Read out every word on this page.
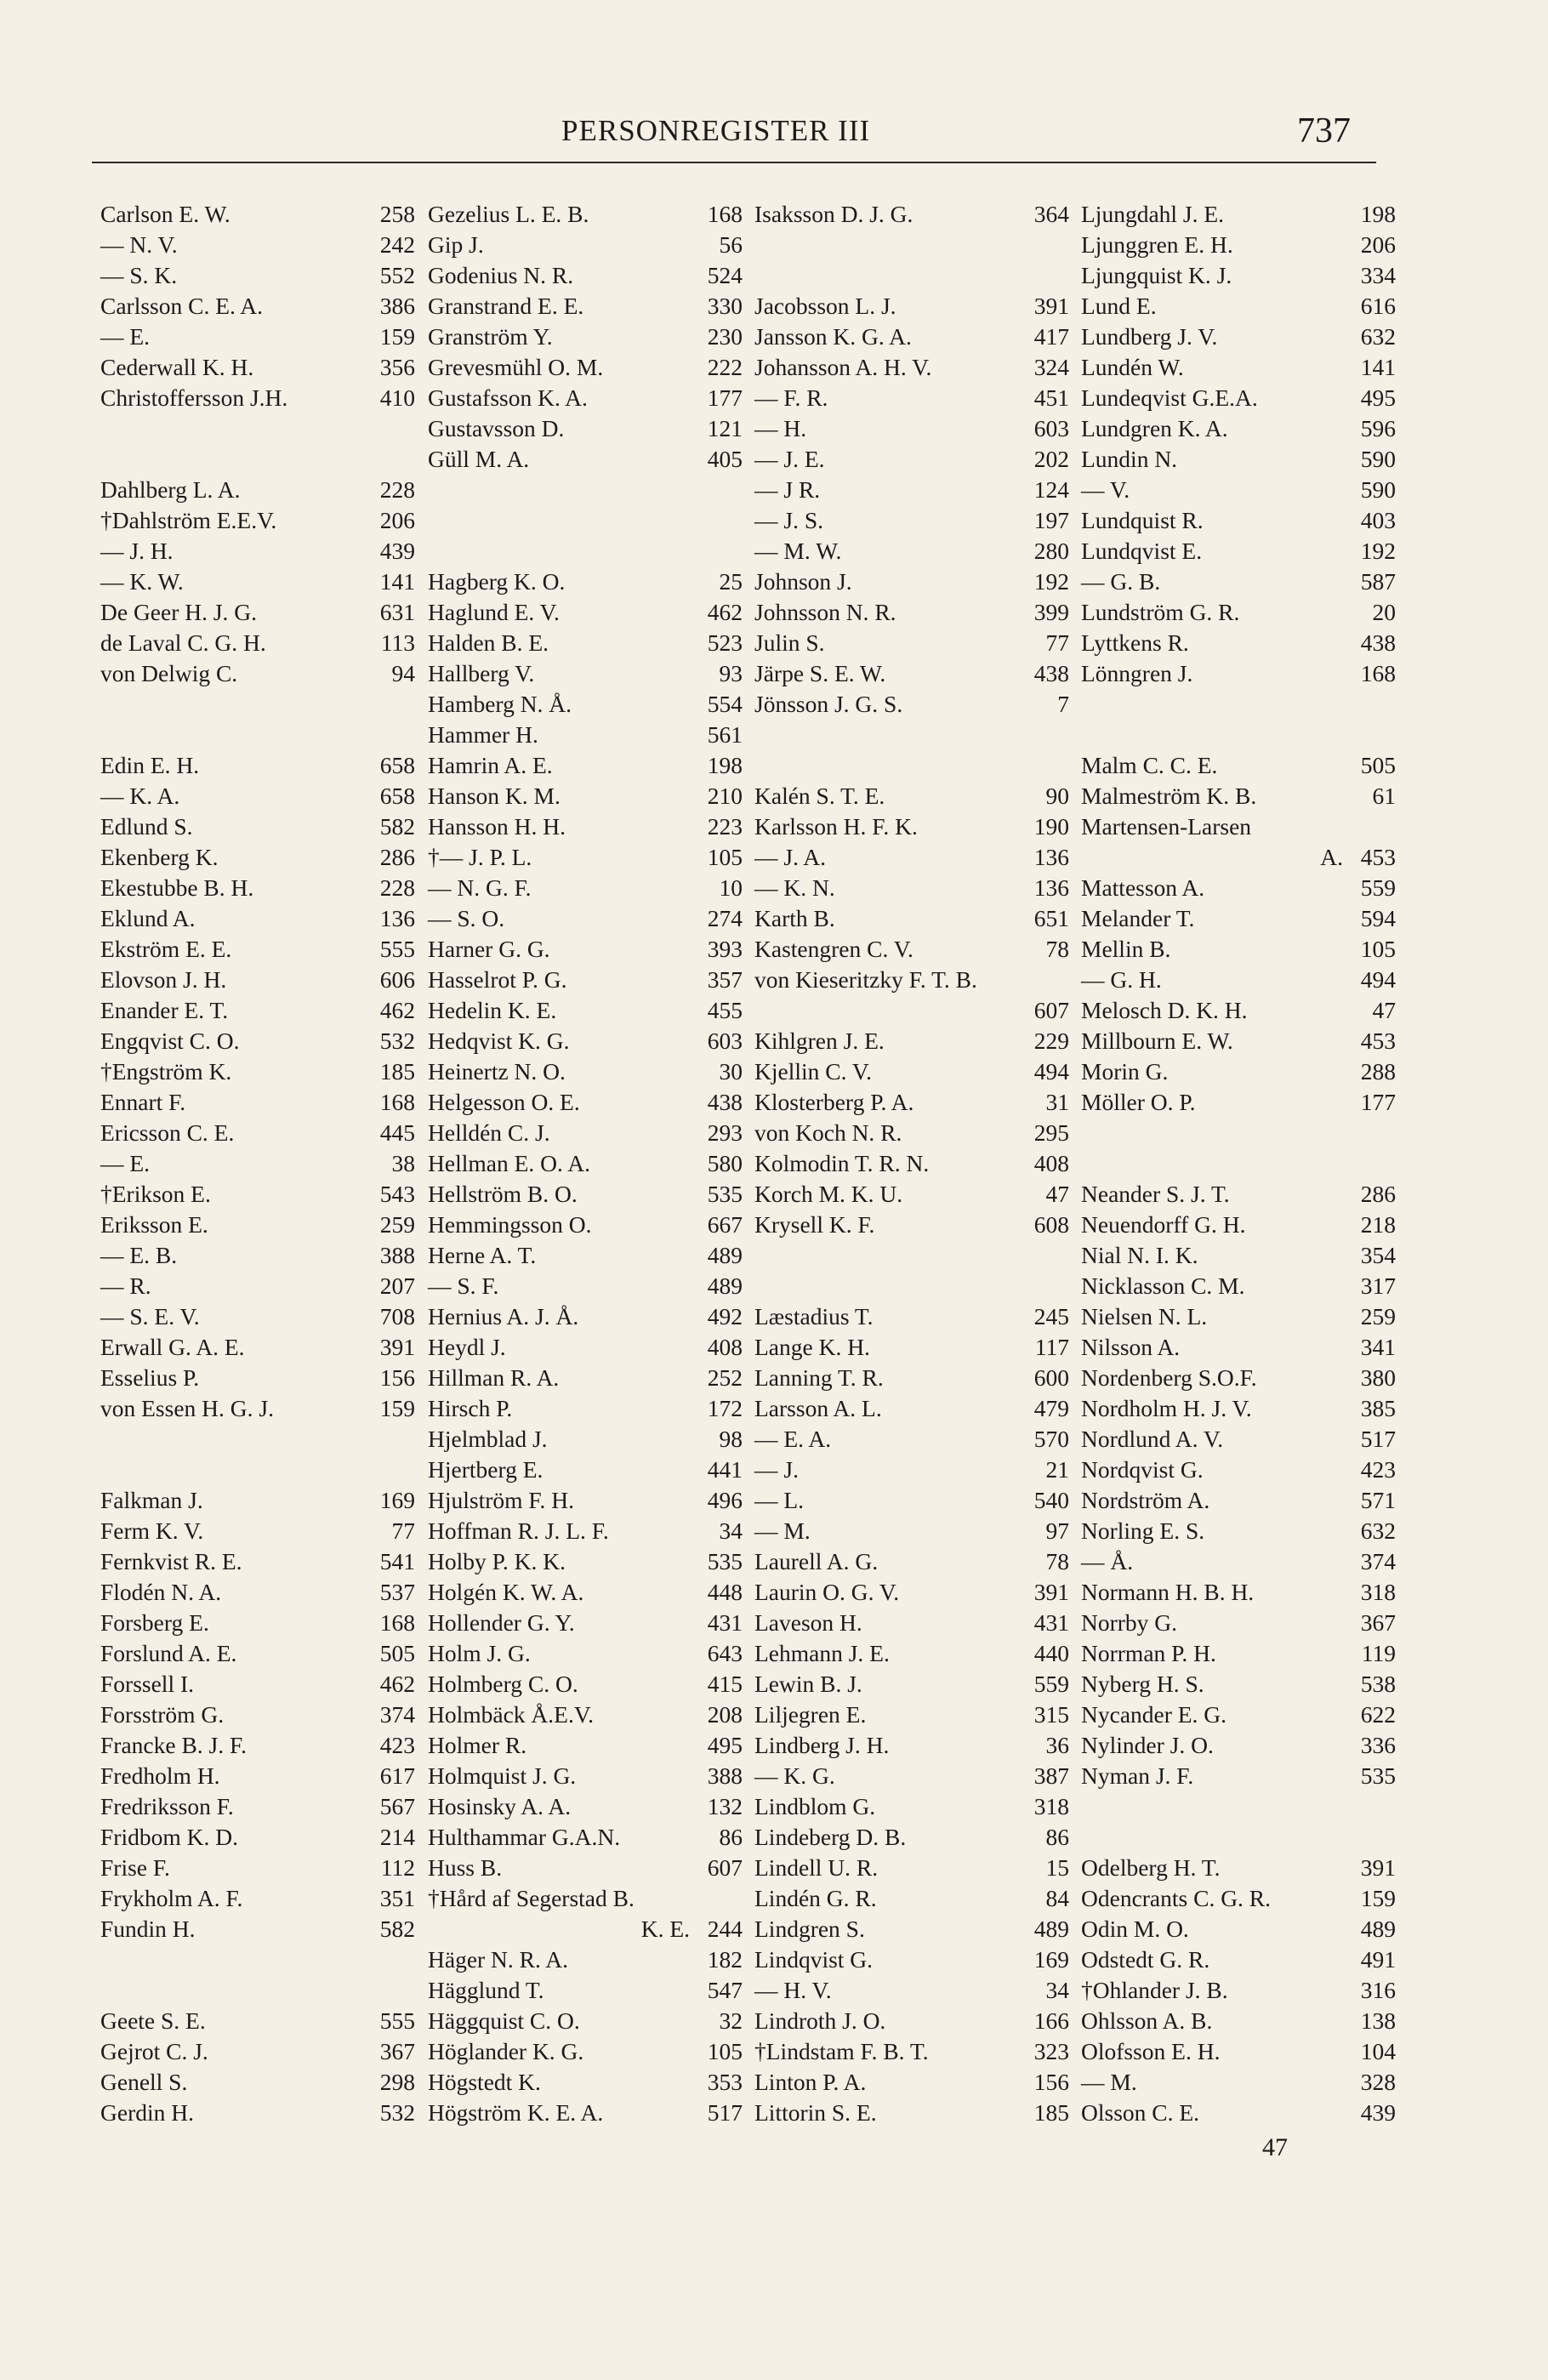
PERSONREGISTER III	737
Carlson E. W.	258
— N. V.	242
— S. K.	552
Carlsson C. E. A.	386
— E.	159
Cederwall K. H.	356
Christoffersson J.H.	410
Dahlberg L. A.	228
†Dahlström E.E.V.	206
— J. H.	439
— K. W.	141
De Geer H. J. G.	631
de Laval C. G. H.	113
von Delwig C.	94
Edin E. H.	658
— K. A.	658
Edlund S.	582
Ekenberg K.	286
Ekestubbe B. H.	228
Eklund A.	136
Ekström E. E.	555
Elovson J. H.	606
Enander E. T.	462
Engqvist C. O.	532
†Engström K.	185
Ennart F.	168
Ericsson C. E.	445
— E.	38
†Erikson E.	543
Eriksson E.	259
— E. B.	388
— R.	207
— S. E. V.	708
Erwall G. A. E.	391
Esselius P.	156
von Essen H. G. J.	159
Falkman J.	169
Ferm K. V.	77
Fernkvist R. E.	541
Flodén N. A.	537
Forsberg E.	168
Forslund A. E.	505
Forssell I.	462
Forsström G.	374
Francke B. J. F.	423
Fredholm H.	617
Fredriksson F.	567
Fridbom K. D.	214
Frise F.	112
Frykholm A. F.	351
Fundin H.	582
Geete S. E.	555
Gejrot C. J.	367
Genell S.	298
Gerdin H.	532
Gezelius L. E. B.	168
Gip J.	56
Godenius N. R.	524
Granstrand E. E.	330
Granström Y.	230
Grevesmühl O. M.	222
Gustafsson K. A.	177
Gustavsson D.	121
Güll M. A.	405
Hagberg K. O.	25
Haglund E. V.	462
Halden B. E.	523
Hallberg V.	93
Hamberg N. Å.	554
Hammer H.	561
Hamrin A. E.	198
Hanson K. M.	210
Hansson H. H.	223
†— J. P. L.	105
— N. G. F.	10
— S. O.	274
Harner G. G.	393
Hasselrot P. G.	357
Hedelin K. E.	455
Hedqvist K. G.	603
Heinertz N. O.	30
Helgesson O. E.	438
Helldén C. J.	293
Hellman E. O. A.	580
Hellström B. O.	535
Hemmingsson O.	667
Herne A. T.	489
— S. F.	489
Hernius A. J. Å.	492
Heydl J.	408
Hillman R. A.	252
Hirsch P.	172
Hjelmblad J.	98
Hjertberg E.	441
Hjulström F. H.	496
Hoffman R. J. L. F.	34
Holby P. K. K.	535
Holgén K. W. A.	448
Hollender G. Y.	431
Holm J. G.	643
Holmberg C. O.	415
Holmbäck Å.E.V.	208
Holmer R.	495
Holmquist J. G.	388
Hosinsky A. A.	132
Hulthammar G.A.N.	86
Huss B.	607
†Hård af Segerstad B.
K. E. 244
Häger N. R. A.	182
Hägglund T.	547
Häggquist C. O.	32
Höglander K. G.	105
Högstedt K.	353
Högström K. E. A.	517
Isaksson D. J. G.	364
Jacobsson L. J.	391
Jansson K. G. A.	417
Johansson A. H. V.	324
— F. R.	451
— H.	603
— J. E.	202
— J R.	124
— J. S.	197
— M. W.	280
Johnson J.	192
Johnsson N. R.	399
Julin S.	77
Järpe S. E. W.	438
Jönsson J. G. S.	7
Kalén S. T. E.	90
Karlsson H. F. K.	190
— J. A.	136
— K. N.	136
Karth B.	651
Kastengren C. V.	78
von Kieseritzky F. T. B.
607
Kihlgren J. E.	229
Kjellin C. V.	494
Klosterberg P. A.	31
von Koch N. R.	295
Kolmodin T. R. N.	408
Korch M. K. U.	47
Krysell K. F.	608
Læstadius T.	245
Lange K. H.	117
Lanning T. R.	600
Larsson A. L.	479
— E. A.	570
— J.	21
— L.	540
— M.	97
Laurell A. G.	78
Laurin O. G. V.	391
Laveson H.	431
Lehmann J. E.	440
Lewin B. J.	559
Liljegren E.	315
Lindberg J. H.	36
— K. G.	387
Lindblom G.	318
Lindeberg D. B.	86
Lindell U. R.	15
Lindén G. R.	84
Lindgren S.	489
Lindqvist G.	169
— H. V.	34
Lindroth J. O.	166
†Lindstam F. B. T.	323
Linton P. A.	156
Littorin S. E.	185
Ljungdahl J. E.	198
Ljunggren E. H.	206
Ljungquist K. J.	334
Lund E.	616
Lundberg J. V.	632
Lundén W.	141
Lundeqvist G.E.A.	495
Lundgren K. A.	596
Lundin N.	590
— V.	590
Lundquist R.	403
Lundqvist E.	192
— G. B.	587
Lundström G. R.	20
Lyttkens R.	438
Lönngren J.	168
Malm C. C. E.	505
Malmeström K. B.	61
Martensen-Larsen
A. 453
Mattesson A.	559
Melander T.	594
Mellin B.	105
— G. H.	494
Melosch D. K. H.	47
Millbourn E. W.	453
Morin G.	288
Möller O. P.	177
Neander S. J. T.	286
Neuendorff G. H.	218
Nial N. I. K.	354
Nicklasson C. M.	317
Nielsen N. L.	259
Nilsson A.	341
Nordenberg S.O.F.	380
Nordholm H. J. V.	385
Nordlund A. V.	517
Nordqvist G.	423
Nordström A.	571
Norling E. S.	632
— Å.	374
Normann H. B. H.	318
Norrby G.	367
Norrman P. H.	119
Nyberg H. S.	538
Nycander E. G.	622
Nylinder J. O.	336
Nyman J. F.	535
Odelberg H. T.	391
Odencrants C. G. R.	159
Odin M. O.	489
Odstedt G. R.	491
†Ohlander J. B.	316
Ohlsson A. B.	138
Olofsson E. H.	104
— M.	328
Olsson C. E.	439
47
